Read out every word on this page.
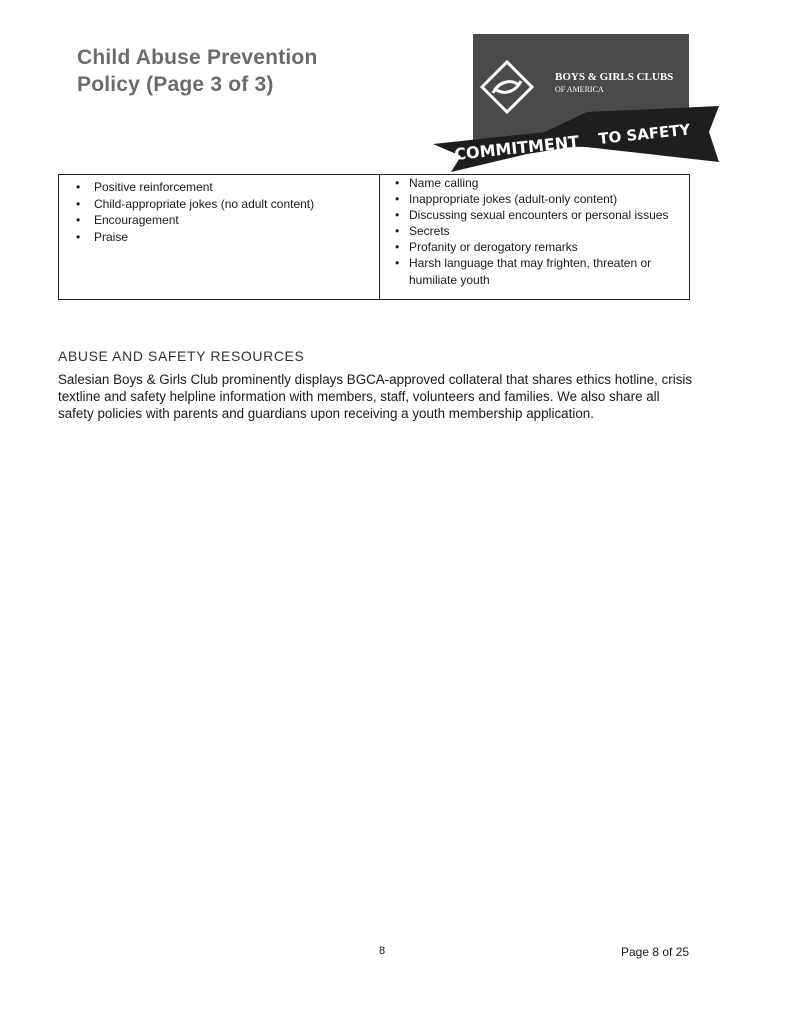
Child Abuse Prevention
Policy (Page 3 of 3)	BOYS & GIRLS CLUBS
OF AMERICA
COMMITMENT TO SAFETY
• Positive reinforcement
• Child-appropriate jokes (no adult content)
• Encouragement
• Praise
• Name calling
• Inappropriate jokes (adult-only content)
• Discussing sexual encounters or personal issues
• Secrets
• Profanity or derogatory remarks
• Harsh language that may frighten, threaten or humiliate youth
ABUSE AND SAFETY RESOURCES
Salesian Boys & Girls Club prominently displays BGCA-approved collateral that shares ethics hotline, crisis textline and safety helpline information with members, staff, volunteers and families. We also share all safety policies with parents and guardians upon receiving a youth membership application.
8	Page 8 of 25
